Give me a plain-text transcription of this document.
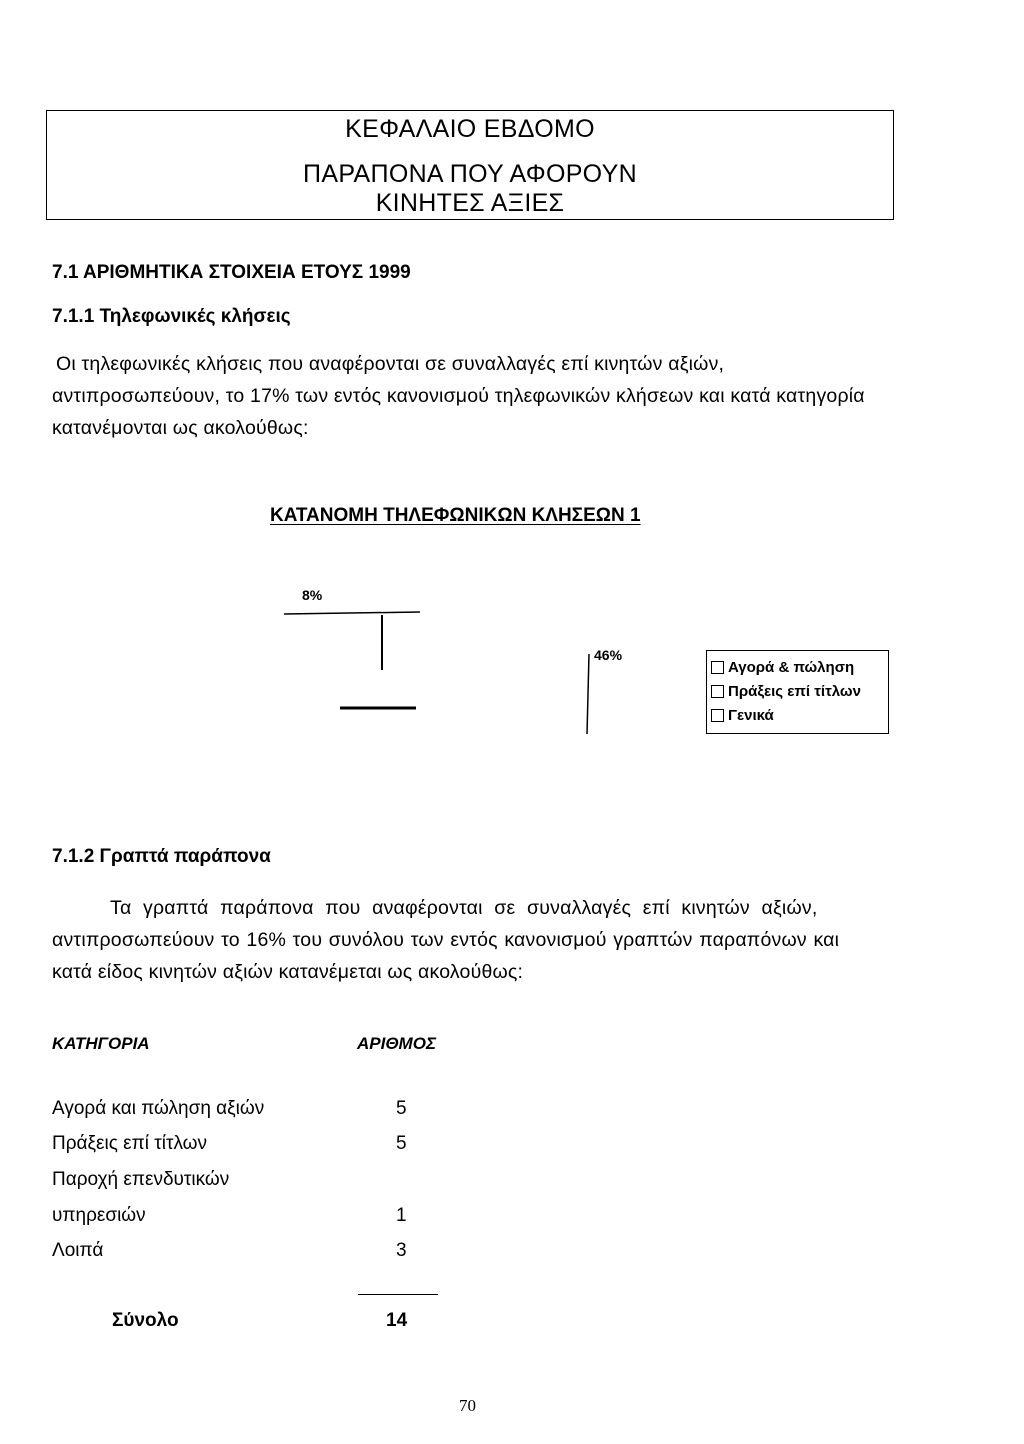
ΚΕΦΑΛΑΙΟ ΕΒΔΟΜΟ
ΠΑΡΑΠΟΝΑ ΠΟΥ ΑΦΟΡΟΥΝ
ΚΙΝΗΤΕΣ ΑΞΙΕΣ
7.1 ΑΡΙΘΜΗΤΙΚΑ ΣΤΟΙΧΕΙΑ ΕΤΟΥΣ 1999
7.1.1 Τηλεφωνικές κλήσεις

Οι τηλεφωνικές κλήσεις που αναφέρονται σε συναλλαγές επί κινητών αξιών,

αντιπροσωπεύουν, το 17% των εντός κανονισμού τηλεφωνικών κλήσεων και κατά κατηγορία

κατανέμονται ως ακολούθως:

ΚΑΤΑΝΟΜΗ ΤΗΛΕΦΩΝΙΚΩΝ ΚΛΗΣΕΩΝ 1
8%
46%
Αγορά & πώληση
Πράξεις επί τίτλων
Γενικά
7.1.2 Γραπτά παράπονα

Τα γραπτά παράπονα που αναφέρονται σε συναλλαγές επί κινητών αξιών,

αντιπροσωπεύουν το 16% του συνόλου των εντός κανονισμού γραπτών παραπόνων και

κατά είδος κινητών αξιών κατανέμεται ως ακολούθως:

ΚΑΤΗΓΟΡΙΑ	ΑΡΙΘΜΟΣ
Αγορά και πώληση αξιών	5
Πράξεις επί τίτλων	5
Παροχή επενδυτικών
υπηρεσιών	1
Λοιπά	3
Σύνολο	14
70
